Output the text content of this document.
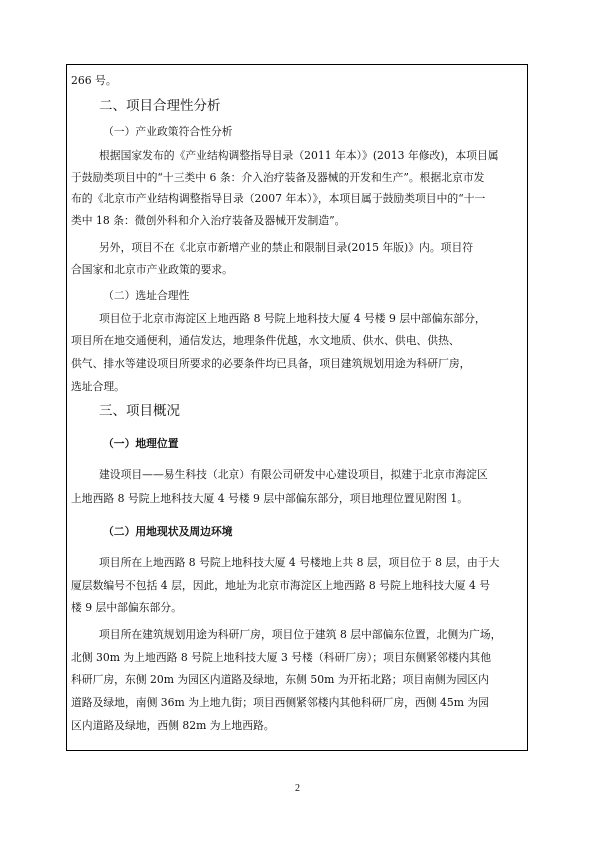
266 号。
二、项目合理性分析
（一）产业政策符合性分析
根据国家发布的《产业结构调整指导目录（2011 年本）》(2013 年修改)，本项目属
于鼓励类项目中的“十三类中 6 条：介入治疗装备及器械的开发和生产”。根据北京市发
布的《北京市产业结构调整指导目录（2007 年本）》，本项目属于鼓励类项目中的“十一
类中 18 条：微创外科和介入治疗装备及器械开发制造”。
另外，项目不在《北京市新增产业的禁止和限制目录(2015 年版)》内。项目符
合国家和北京市产业政策的要求。
（二）选址合理性
项目位于北京市海淀区上地西路 8 号院上地科技大厦 4 号楼 9 层中部偏东部分，
项目所在地交通便利，通信发达，地理条件优越，水文地质、供水、供电、供热、
供气、排水等建设项目所要求的必要条件均已具备，项目建筑规划用途为科研厂房，
选址合理。
三、项目概况
（一）地理位置
建设项目——易生科技（北京）有限公司研发中心建设项目，拟建于北京市海淀区
上地西路 8 号院上地科技大厦 4 号楼 9 层中部偏东部分，项目地理位置见附图 1。
（二）用地现状及周边环境
项目所在上地西路 8 号院上地科技大厦 4 号楼地上共 8 层，项目位于 8 层，由于大
厦层数编号不包括 4 层，因此，地址为北京市海淀区上地西路 8 号院上地科技大厦 4 号
楼 9 层中部偏东部分。
项目所在建筑规划用途为科研厂房，项目位于建筑 8 层中部偏东位置，北侧为广场，
北侧 30m 为上地西路 8 号院上地科技大厦 3 号楼（科研厂房）；项目东侧紧邻楼内其他
科研厂房，东侧 20m 为园区内道路及绿地，东侧 50m 为开拓北路；项目南侧为园区内
道路及绿地，南侧 36m 为上地九街；项目西侧紧邻楼内其他科研厂房，西侧 45m 为园
区内道路及绿地，西侧 82m 为上地西路。
2
